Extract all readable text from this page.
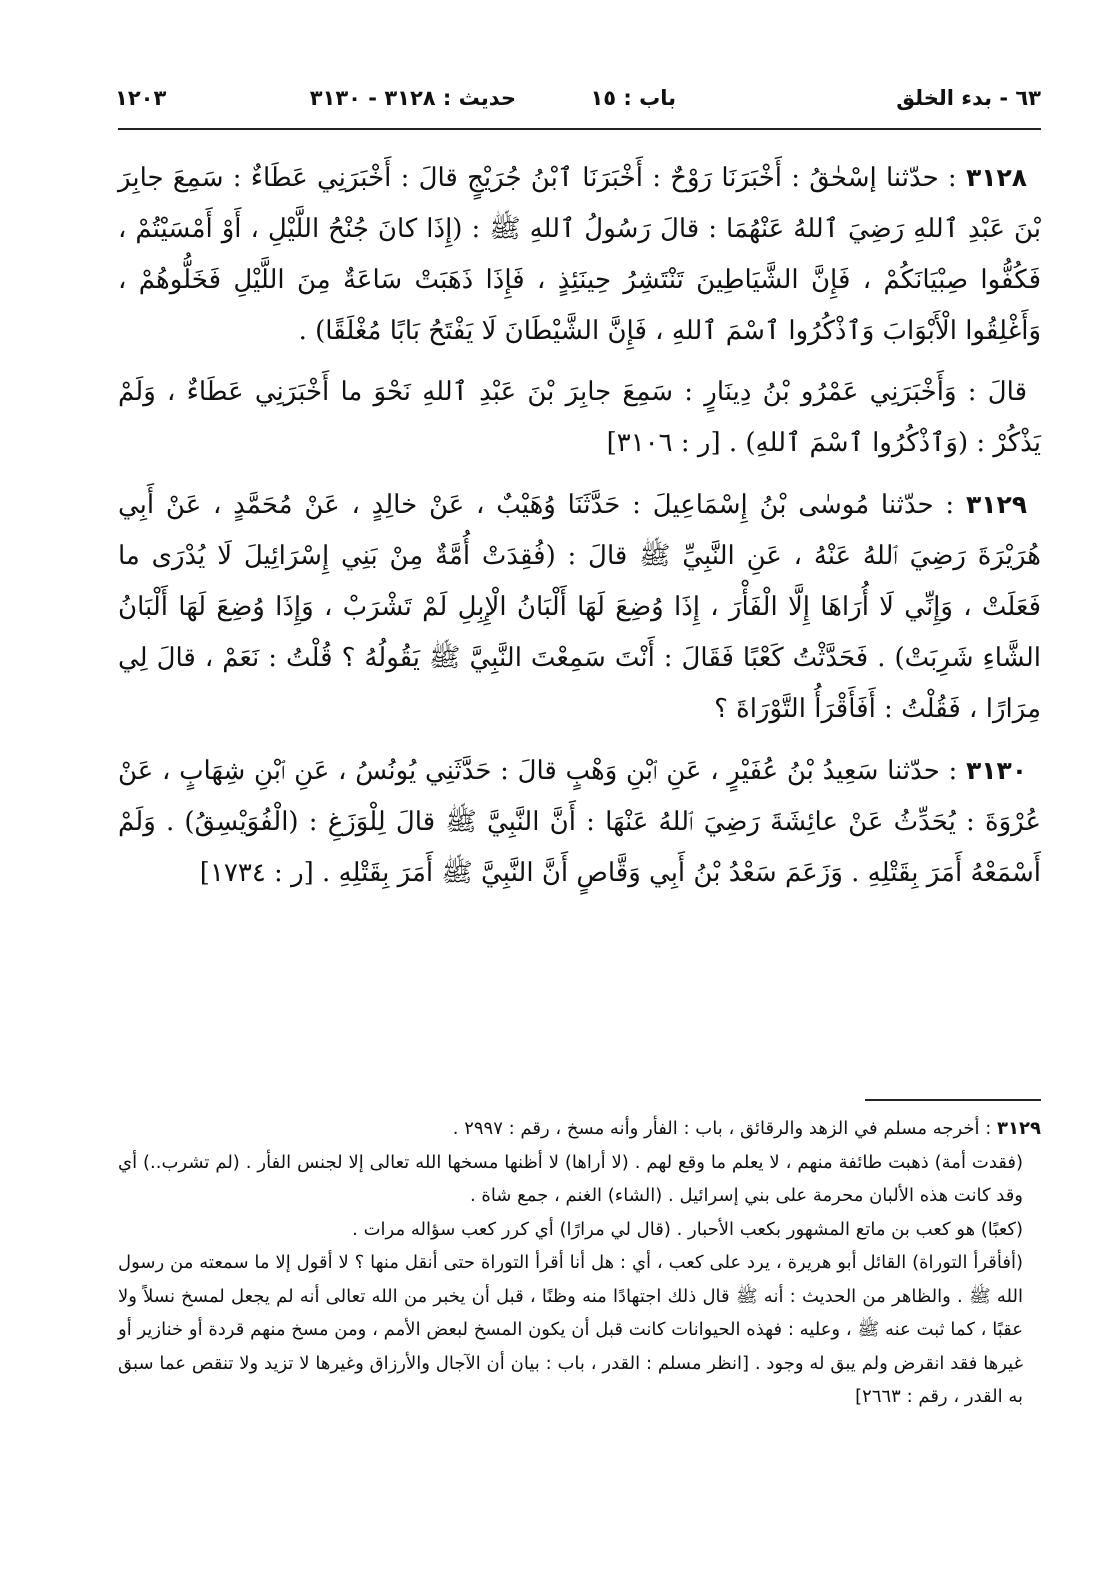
٦٣ - بدء الخلق
باب : ١٥
حديث : ٣١٢٨ - ٣١٣٠
١٢٠٣

٣١٢٨ : حدّثنا إسْحٰقُ : أَخْبَرَنَا رَوْحٌ : أَخْبَرَنَا ٱبْنُ جُرَيْجٍ قالَ : أَخْبَرَنِي عَطَاءٌ : سَمِعَ جابِرَ بْنَ عَبْدِ ٱللهِ رَضِيَ ٱللهُ عَنْهُمَا : قالَ رَسُولُ ٱللهِ ﷺ : (إِذَا كانَ جُنْحُ اللَّيْلِ ، أَوْ أَمْسَيْتُمْ ، فَكُفُّوا صِبْيَانَكُمْ ، فَإِنَّ الشَّيَاطِينَ تَنْتَشِرُ حِينَئِذٍ ، فَإِذَا ذَهَبَتْ سَاعَةٌ مِنَ اللَّيْلِ فَخَلُّوهُمْ ، وَأَغْلِقُوا الْأَبْوَابَ وَٱذْكُرُوا ٱسْمَ ٱللهِ ، فَإِنَّ الشَّيْطَانَ لَا يَفْتَحُ بَابًا مُغْلَقًا) .

قالَ : وَأَخْبَرَنِي عَمْرُو بْنُ دِينَارٍ : سَمِعَ جابِرَ بْنَ عَبْدِ ٱللهِ نَحْوَ ما أَخْبَرَنِي عَطَاءٌ ، وَلَمْ يَذْكُرْ : (وَٱذْكُرُوا ٱسْمَ ٱللهِ) . [ر : ٣١٠٦]

٣١٢٩ : حدّثنا مُوسٰى بْنُ إِسْمَاعِيلَ : حَدَّثَنَا وُهَيْبٌ ، عَنْ خالِدٍ ، عَنْ مُحَمَّدٍ ، عَنْ أَبِي هُرَيْرَةَ رَضِيَ ٱللهُ عَنْهُ ، عَنِ النَّبِيِّ ﷺ قالَ : (فُقِدَتْ أُمَّةٌ مِنْ بَنِي إِسْرَائِيلَ لَا يُدْرَى ما فَعَلَتْ ، وَإِنِّي لَا أُرَاهَا إِلَّا الْفَأْرَ ، إِذَا وُضِعَ لَهَا أَلْبَانُ الْإِبِلِ لَمْ تَشْرَبْ ، وَإِذَا وُضِعَ لَهَا أَلْبَانُ الشَّاءِ شَرِبَتْ) . فَحَدَّثْتُ كَعْبًا فَقَالَ : أَنْتَ سَمِعْتَ النَّبِيَّ ﷺ يَقُولُهُ ؟ قُلْتُ : نَعَمْ ، قالَ لِي مِرَارًا ، فَقُلْتُ : أَفَأَقْرَأُ التَّوْرَاةَ ؟

٣١٣٠ : حدّثنا سَعِيدُ بْنُ عُفَيْرٍ ، عَنِ ٱبْنِ وَهْبٍ قالَ : حَدَّثَنِي يُونُسُ ، عَنِ ٱبْنِ شِهَابٍ ، عَنْ عُرْوَةَ : يُحَدِّثُ عَنْ عائِشَةَ رَضِيَ ٱللهُ عَنْهَا : أَنَّ النَّبِيَّ ﷺ قالَ لِلْوَزَغِ : (الْفُوَيْسِقُ) . وَلَمْ أَسْمَعْهُ أَمَرَ بِقَتْلِهِ . وَزَعَمَ سَعْدُ بْنُ أَبِي وَقَّاصٍ أَنَّ النَّبِيَّ ﷺ أَمَرَ بِقَتْلِهِ . [ر : ١٧٣٤]

٣١٢٩ : أخرجه مسلم في الزهد والرقائق ، باب : الفأر وأنه مسخ ، رقم : ٢٩٩٧ .

(فقدت أمة) ذهبت طائفة منهم ، لا يعلم ما وقع لهم . (لا أراها) لا أظنها مسخها الله تعالى إلا لجنس الفأر . (لم تشرب..) أي وقد كانت هذه الألبان محرمة على بني إسرائيل . (الشاء) الغنم ، جمع شاة .

(كعبًا) هو كعب بن ماتع المشهور بكعب الأحبار . (قال لي مرارًا) أي كرر كعب سؤاله مرات .

(أفأقرأ التوراة) القائل أبو هريرة ، يرد على كعب ، أي : هل أنا أقرأ التوراة حتى أنقل منها ؟ لا أقول إلا ما سمعته من رسول الله ﷺ . والظاهر من الحديث : أنه ﷺ قال ذلك اجتهادًا منه وظنًا ، قبل أن يخبر من الله تعالى أنه لم يجعل لمسخ نسلاً ولا عقبًا ، كما ثبت عنه ﷺ ، وعليه : فهذه الحيوانات كانت قبل أن يكون المسخ لبعض الأمم ، ومن مسخ منهم قردة أو خنازير أو غيرها فقد انقرض ولم يبق له وجود . [انظر مسلم : القدر ، باب : بيان أن الآجال والأرزاق وغيرها لا تزيد ولا تنقص عما سبق به القدر ، رقم : ٢٦٦٣]
